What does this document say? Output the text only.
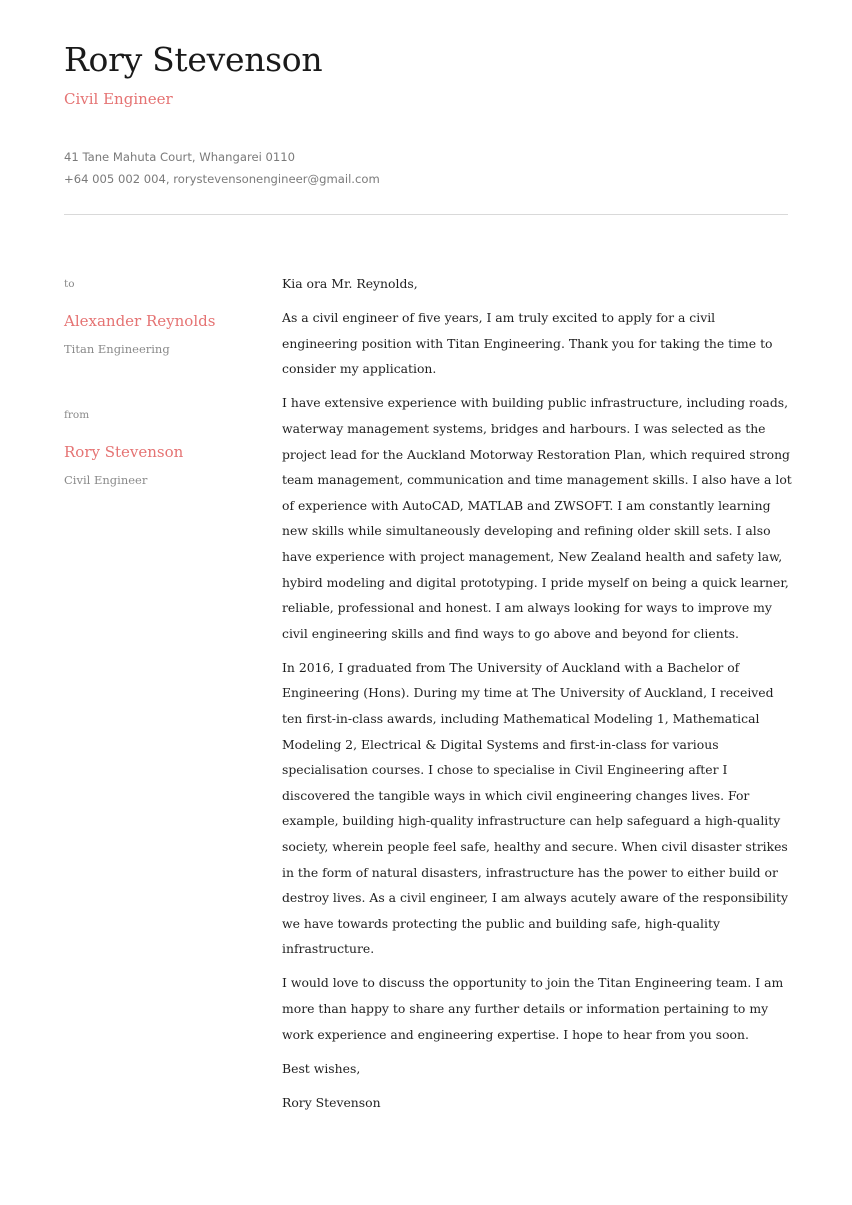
Rory Stevenson
Civil Engineer
41 Tane Mahuta Court, Whangarei 0110
+64 005 002 004, rorystevensonengineer@gmail.com
to
Alexander Reynolds
Titan Engineering
from
Rory Stevenson
Civil Engineer

Kia ora Mr. Reynolds,

As a civil engineer of five years, I am truly excited to apply for a civil engineering position with Titan Engineering. Thank you for taking the time to consider my application.

I have extensive experience with building public infrastructure, including roads, waterway management systems, bridges and harbours. I was selected as the project lead for the Auckland Motorway Restoration Plan, which required strong team management, communication and time management skills. I also have a lot of experience with AutoCAD, MATLAB and ZWSOFT. I am constantly learning new skills while simultaneously developing and refining older skill sets. I also have experience with project management, New Zealand health and safety law, hybird modeling and digital prototyping. I pride myself on being a quick learner, reliable, professional and honest. I am always looking for ways to improve my civil engineering skills and find ways to go above and beyond for clients.

In 2016, I graduated from The University of Auckland with a Bachelor of Engineering (Hons). During my time at The University of Auckland, I received ten first-in-class awards, including Mathematical Modeling 1, Mathematical Modeling 2, Electrical & Digital Systems and first-in-class for various specialisation courses. I chose to specialise in Civil Engineering after I discovered the tangible ways in which civil engineering changes lives. For example, building high-quality infrastructure can help safeguard a high-quality society, wherein people feel safe, healthy and secure. When civil disaster strikes in the form of natural disasters, infrastructure has the power to either build or destroy lives. As a civil engineer, I am always acutely aware of the responsibility we have towards protecting the public and building safe, high-quality infrastructure.

I would love to discuss the opportunity to join the Titan Engineering team. I am more than happy to share any further details or information pertaining to my work experience and engineering expertise. I hope to hear from you soon.

Best wishes,

Rory Stevenson
